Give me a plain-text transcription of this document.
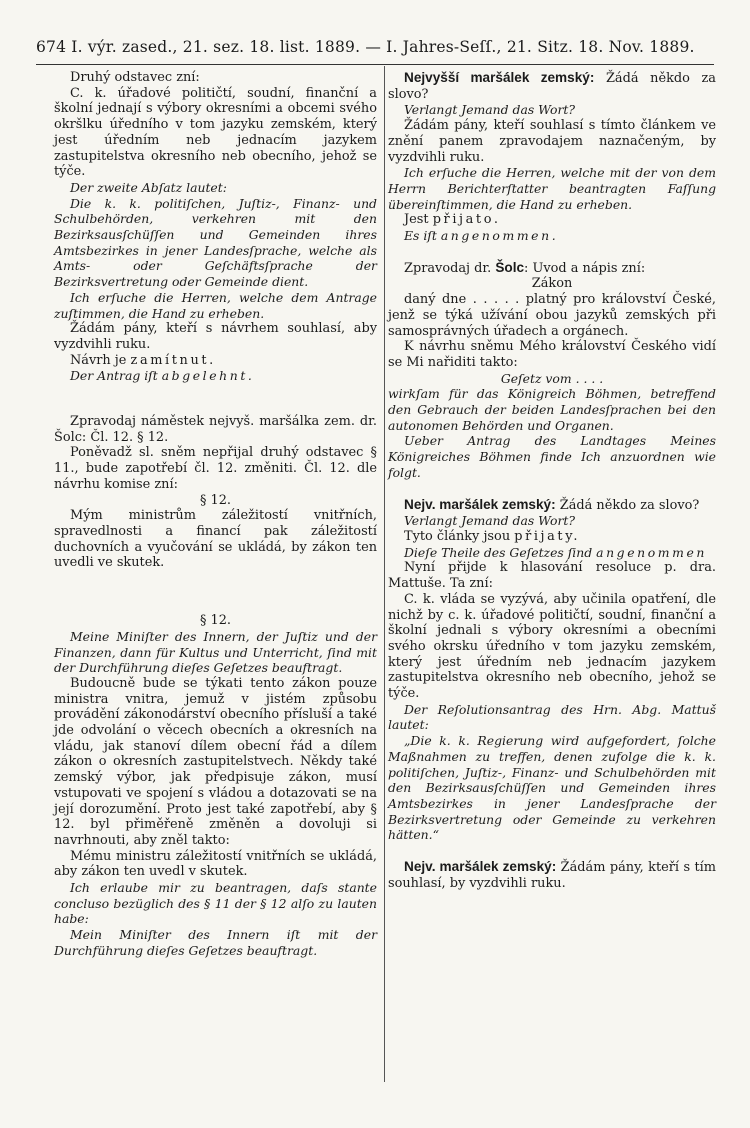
674 I. výr. zased., 21. sez. 18. list. 1889. — I. Jahres-Seſſ., 21. Sitz. 18. Nov. 1889.

Druhý odstavec zní:

C. k. úřadové političtí, soudní, finanční a školní jednají s výbory okresními a obcemi svého okršlku úředního v tom jazyku zemském, který jest úředním neb jednacím jazykem zastupitelstva okresního neb obecního, jehož se týče.

Der zweite Abſatz lautet:

Die k. k. politiſchen, Juſtiz-, Finanz- und Schulbehörden, verkehren mit den Bezirksausſchüſſen und Gemeinden ihres Amtsbezirkes in jener Landesſprache, welche als Amts- oder Geſchäftsſprache der Bezirksvertretung oder Gemeinde dient.

Ich erſuche die Herren, welche dem Antrage zuſtimmen, die Hand zu erheben.

Žádám pány, kteří s návrhem souhlasí, aby vyzdvihli ruku.

Návrh je zamítnut.

Der Antrag iſt abgelehnt.

Zpravodaj náměstek nejvyš. maršálka zem. dr. Šolc: Čl. 12. § 12.

Poněvadž sl. sněm nepřijal druhý odstavec § 11., bude zapotřebí čl. 12. změniti. Čl. 12. dle návrhu komise zní:

§ 12.

Mým ministrům záležitostí vnitřních, spravedlnosti a financí pak záležitostí duchovních a vyučování se ukládá, by zákon ten uvedli ve skutek.

§ 12.

Meine Miniſter des Innern, der Juſtiz und der Finanzen, dann für Kultus und Unterricht, ſind mit der Durchführung dieſes Geſetzes beauftragt.

Budoucně bude se týkati tento zákon pouze ministra vnitra, jemuž v jistém způsobu provádění zákonodárství obecního přísluší a také jde odvolání o věcech obecních a okresních na vládu, jak stanoví dílem obecní řád a dílem zákon o okresních zastupitelstvech. Někdy také zemský výbor, jak předpisuje zákon, musí vstupovati ve spojení s vládou a dotazovati se na její dorozumění. Proto jest také zapotřebí, aby § 12. byl přiměřeně změněn a dovoluji si navrhnouti, aby zněl takto:

Mému ministru záležitostí vnitřních se ukládá, aby zákon ten uvedl v skutek.

Ich erlaube mir zu beantragen, daſs stante concluso bezüglich des § 11 der § 12 alſo zu lauten habe:

Mein Miniſter des Innern iſt mit der Durchführung dieſes Geſetzes beauftragt.

Nejvyšší maršálek zemský: Žádá někdo za slovo?

Verlangt Jemand das Wort?

Žádám pány, kteří souhlasí s tímto článkem ve znění panem zpravodajem naznačeným, by vyzdvihli ruku.

Ich erſuche die Herren, welche mit der von dem Herrn Berichterſtatter beantragten Faſſung übereinſtimmen, die Hand zu erheben.

Jest přijato.

Es iſt angenommen.

Zpravodaj dr. Šolc: Uvod a nápis zní:

Zákon

daný dne . . . . . platný pro království České, jenž se týká užívání obou jazyků zemských při samosprávných úřadech a orgánech.

K návrhu sněmu Mého království Českého vidí se Mi nařiditi takto:

Geſetz vom . . . .

wirkſam für das Königreich Böhmen, betreffend den Gebrauch der beiden Landesſprachen bei den autonomen Behörden und Organen.

Ueber Antrag des Landtages Meines Königreiches Böhmen finde Ich anzuordnen wie folgt.

Nejv. maršálek zemský: Žádá někdo za slovo?

Verlangt Jemand das Wort?

Tyto články jsou přijaty.

Dieſe Theile des Geſetzes ſind angenommen

Nyní přijde k hlasování resoluce p. dra. Mattuše. Ta zní:

C. k. vláda se vyzývá, aby učinila opatření, dle nichž by c. k. úřadové političtí, soudní, finanční a školní jednali s výbory okresními a obecními svého okrsku úředního v tom jazyku zemském, který jest úředním neb jednacím jazykem zastupitelstva okresního neb obecního, jehož se týče.

Der Reſolutionsantrag des Hrn. Abg. Mattuš lautet:

„Die k. k. Regierung wird aufgefordert, ſolche Maßnahmen zu treffen, denen zufolge die k. k. politiſchen, Juſtiz-, Finanz- und Schulbehörden mit den Bezirksausſchüſſen und Gemeinden ihres Amtsbezirkes in jener Landesſprache der Bezirksvertretung oder Gemeinde zu verkehren hätten.“

Nejv. maršálek zemský: Žádám pány, kteří s tím souhlasí, by vyzdvihli ruku.
